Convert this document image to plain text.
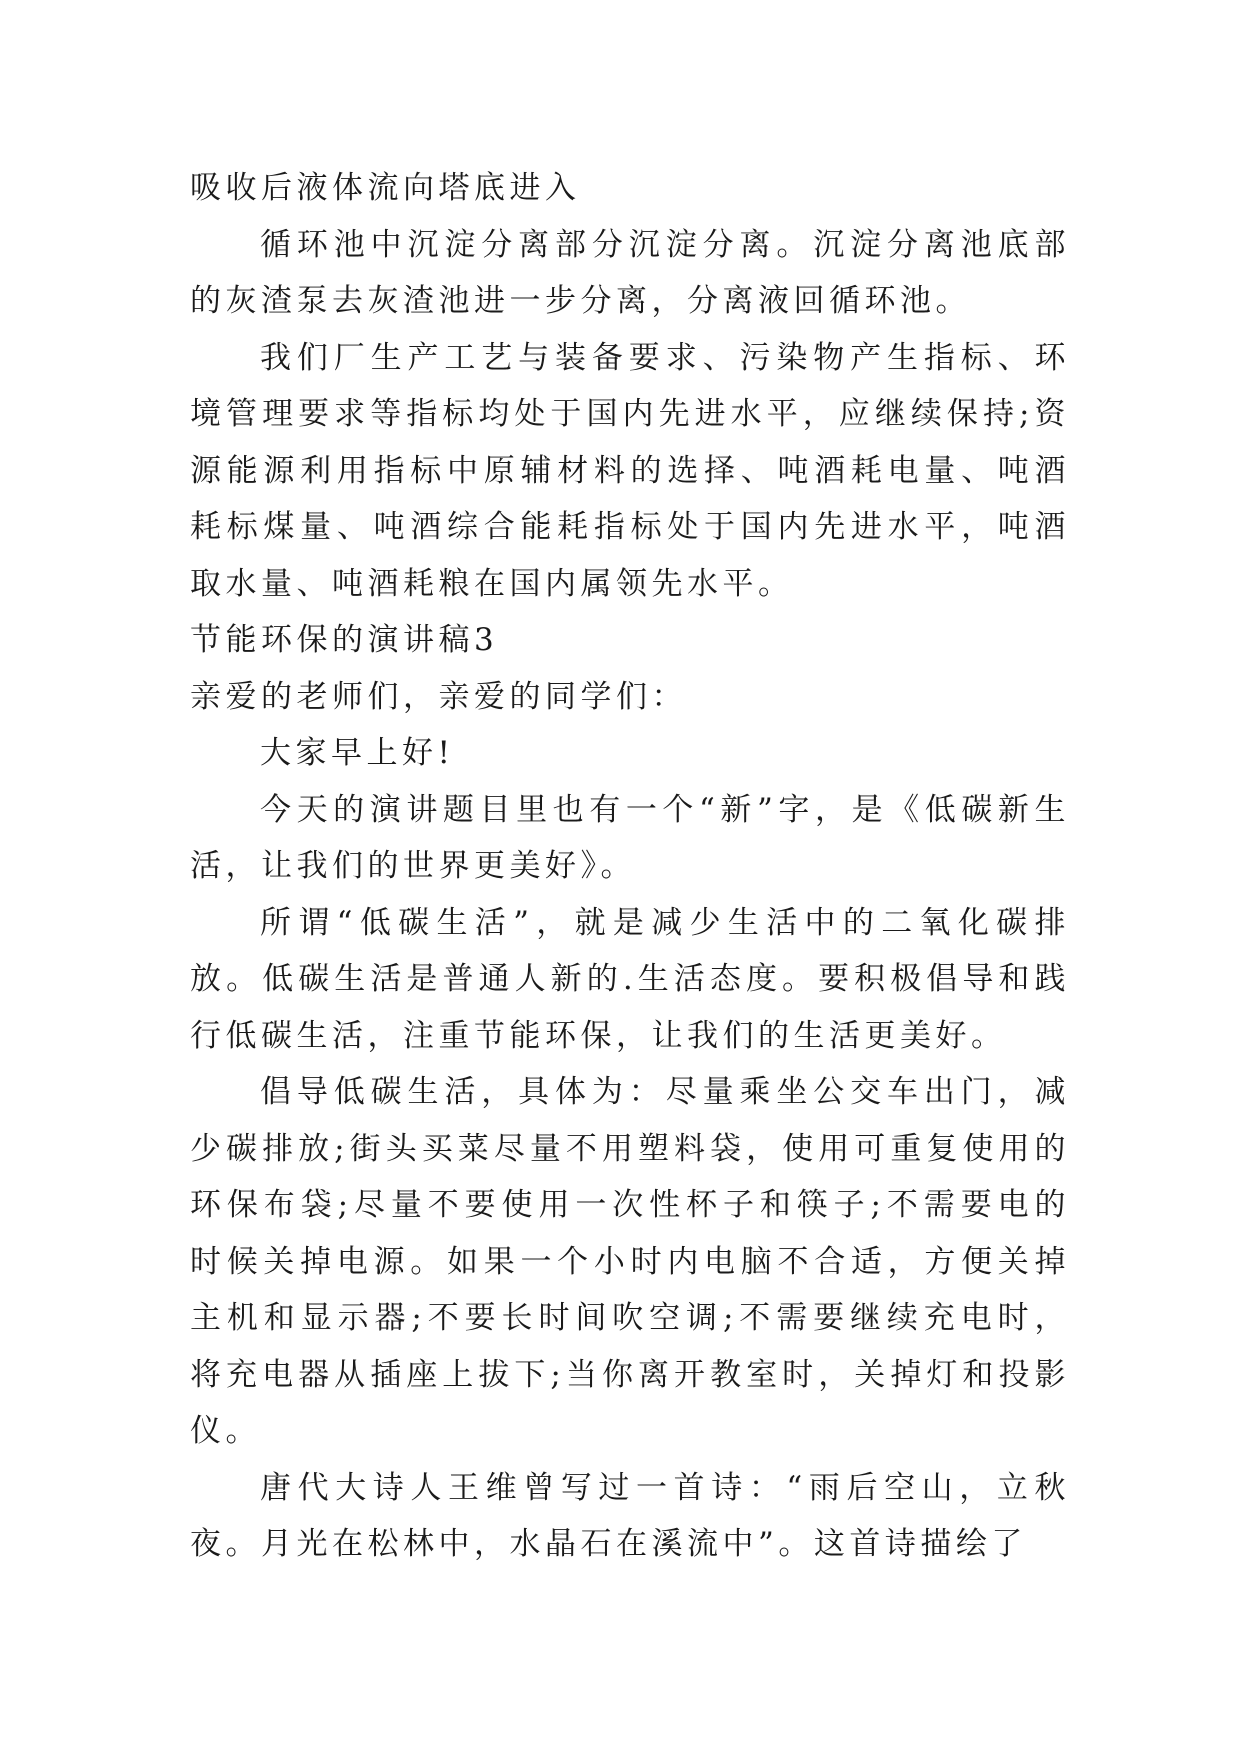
吸收后液体流向塔底进入

循环池中沉淀分离部分沉淀分离。沉淀分离池底部的灰渣泵去灰渣池进一步分离，分离液回循环池。

我们厂生产工艺与装备要求、污染物产生指标、环境管理要求等指标均处于国内先进水平，应继续保持;资源能源利用指标中原辅材料的选择、吨酒耗电量、吨酒耗标煤量、吨酒综合能耗指标处于国内先进水平，吨酒取水量、吨酒耗粮在国内属领先水平。

节能环保的演讲稿3

亲爱的老师们，亲爱的同学们：

大家早上好!

今天的演讲题目里也有一个“新”字，是《低碳新生活，让我们的世界更美好》。

所谓“低碳生活”，就是减少生活中的二氧化碳排放。低碳生活是普通人新的.生活态度。要积极倡导和践行低碳生活，注重节能环保，让我们的生活更美好。

倡导低碳生活，具体为：尽量乘坐公交车出门，减少碳排放;街头买菜尽量不用塑料袋，使用可重复使用的环保布袋;尽量不要使用一次性杯子和筷子;不需要电的时候关掉电源。如果一个小时内电脑不合适，方便关掉主机和显示器;不要长时间吹空调;不需要继续充电时，将充电器从插座上拔下;当你离开教室时，关掉灯和投影仪。

唐代大诗人王维曾写过一首诗：“雨后空山，立秋夜。月光在松林中，水晶石在溪流中”。这首诗描绘了
